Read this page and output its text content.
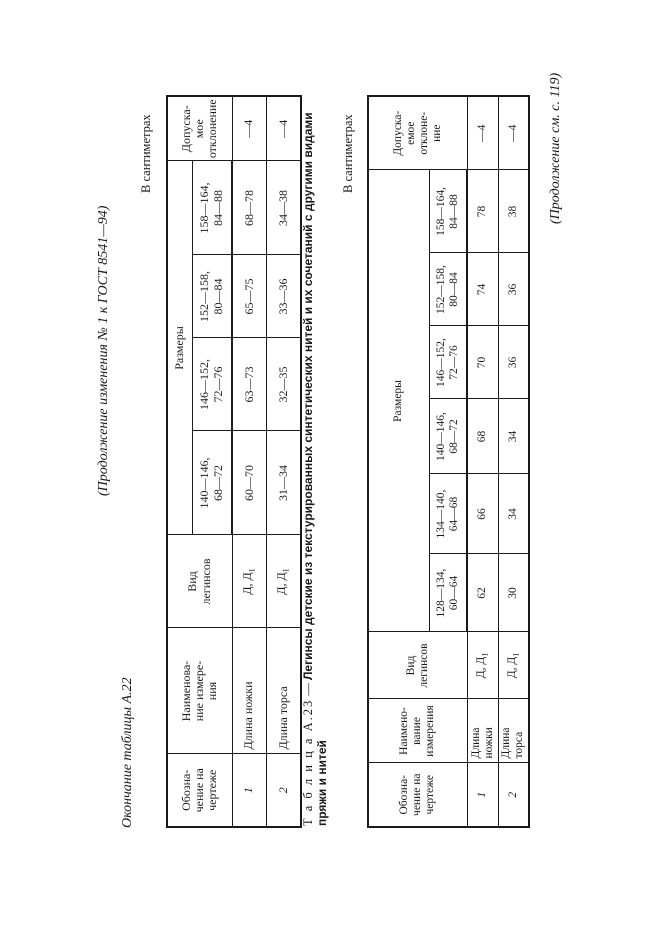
(Продолжение изменения № 1 к ГОСТ 8541—94)
Окончание таблицы А.22
В сантиметрах
Обозна-
чение на
чертеже	Наименова-
ние измере-
ния	Вид
легинсов	Размеры				Допуска-
мое
отклонение
			140—146,
68—72	146—152,
72—76	152—158,
80—84	158—164,
84—88	
1	Длина ножки	Д, $Д_1$	60—70	63—73	65—75	68—78	—4
2	Длина торса	Д, $Д_1$	31—34	32—35	33—36	34—38	—4
Т а б л и ц а А.23 — Легинсы детские из текстурированных синтетических нитей и их сочетаний с другими видами
пряжи и нитей
В сантиметрах
Обозна-
чение на
чертеже	Наимено-
вание
измерения	Вид
легинсов	Размеры						Допуска-
емое
отклоне-
ние
			128—134,
60—64	134—140,
64—68	140—146,
68—72	146—152,
72—76	152—158,
80—84	158—164,
84—88	
1	Длина
ножки	Д, $Д_1$	62	66	68	70	74	78	—4
2	Длина
торса	Д, $Д_1$	30	34	34	36	36	38	—4 (Продолжение см. с. 119)
